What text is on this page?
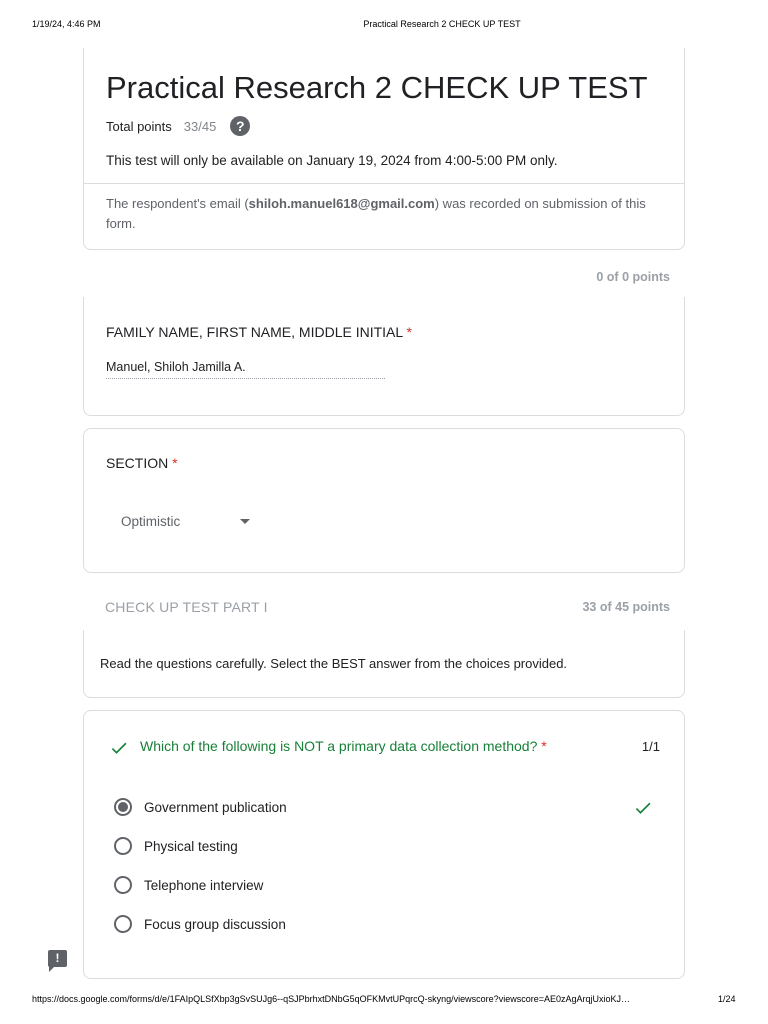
1/19/24, 4:46 PM	Practical Research 2 CHECK UP TEST
Practical Research 2 CHECK UP TEST
Total points 33/45	?
This test will only be available on January 19, 2024 from 4:00-5:00 PM only.
The respondent's email (shiloh.manuel618@gmail.com) was recorded on submission of this form.
0 of 0 points
FAMILY NAME, FIRST NAME, MIDDLE INITIAL *
Manuel, Shiloh Jamilla A.
SECTION *
Optimistic
CHECK UP TEST PART I	33 of 45 points
Read the questions carefully. Select the BEST answer from the choices provided.
Which of the following is NOT a primary data collection method? *	1/1
Government publication
Physical testing
Telephone interview
Focus group discussion
!
https://docs.google.com/forms/d/e/1FAIpQLSfXbp3gSvSUJg6--qSJPbrhxtDNbG5qOFKMvtUPqrcQ-skyng/viewscore?viewscore=AE0zAgArqjUxioKJ…	1/24
